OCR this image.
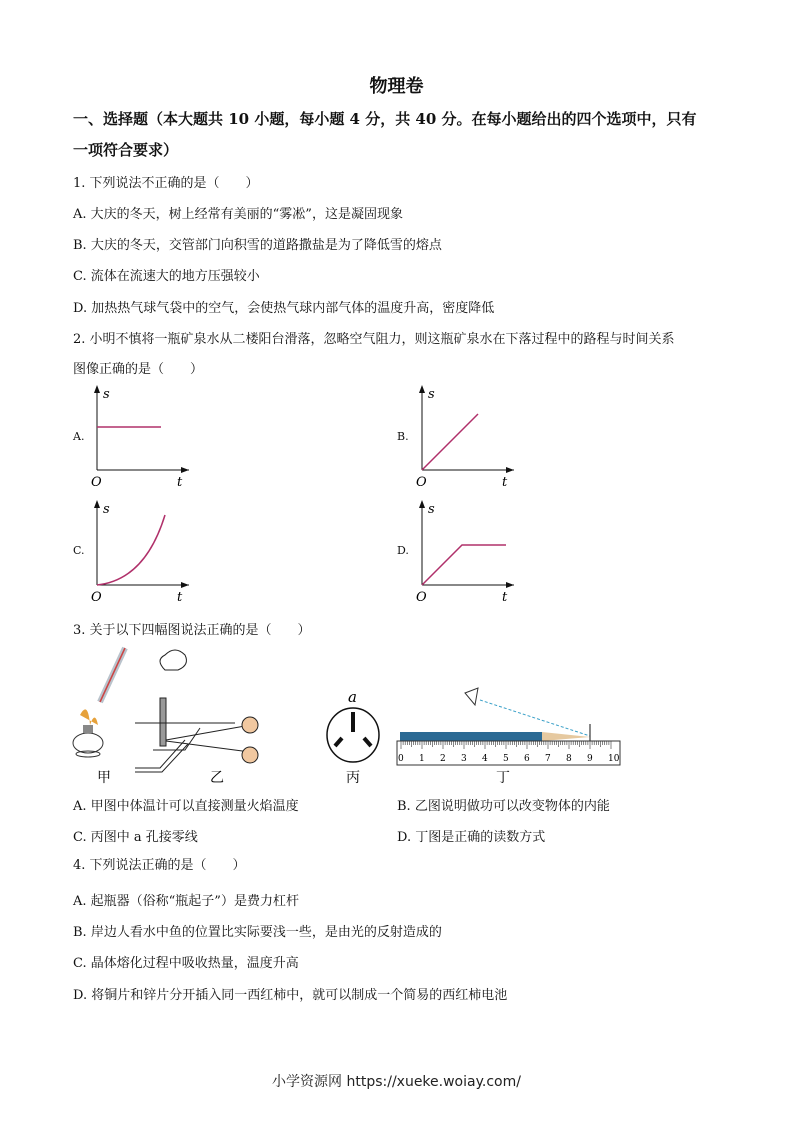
物理卷
一、选择题（本大题共 10 小题，每小题 4 分，共 40 分。在每小题给出的四个选项中，只有
一项符合要求）
1. 下列说法不正确的是（　　）
A. 大庆的冬天，树上经常有美丽的“雾凇”，这是凝固现象
B. 大庆的冬天，交管部门向积雪的道路撒盐是为了降低雪的熔点
C. 流体在流速大的地方压强较小
D. 加热热气球气袋中的空气，会使热气球内部气体的温度升高，密度降低
2. 小明不慎将一瓶矿泉水从二楼阳台滑落，忽略空气阻力，则这瓶矿泉水在下落过程中的路程与时间关系
图像正确的是（　　）
A.	B.
C.	D.
s
t
O
s
t
O
s
t
O
s
t
O
3. 关于以下四幅图说法正确的是（　　）
a
0 1 2 3 4 5 6 7 8 9 10
甲	乙	丙	丁
A. 甲图中体温计可以直接测量火焰温度	B. 乙图说明做功可以改变物体的内能
C. 丙图中 a 孔接零线	D. 丁图是正确的读数方式
4. 下列说法正确的是（　　）
A. 起瓶器（俗称“瓶起子”）是费力杠杆
B. 岸边人看水中鱼的位置比实际要浅一些，是由光的反射造成的
C. 晶体熔化过程中吸收热量，温度升高
D. 将铜片和锌片分开插入同一西红柿中，就可以制成一个简易的西红柿电池
小学资源网 https://xueke.woiay.com/
